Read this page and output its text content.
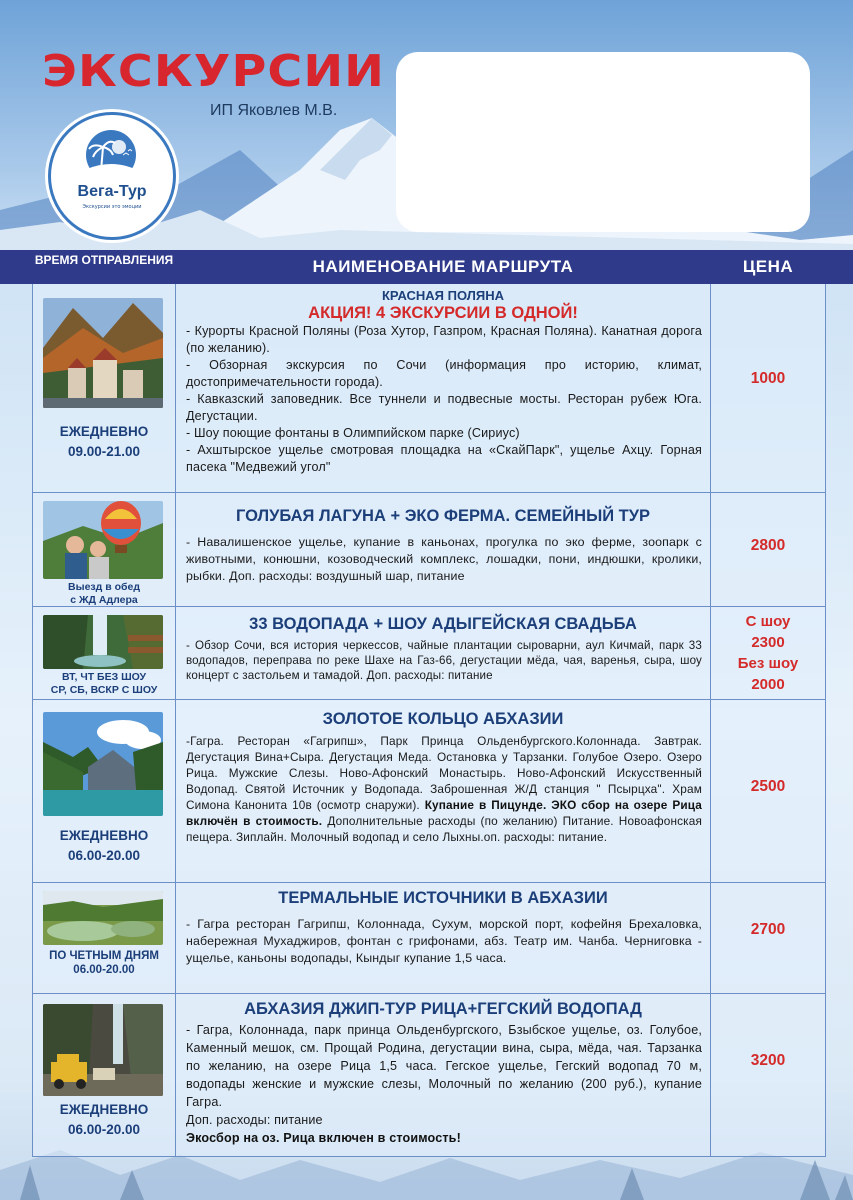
ЭКСКУРСИИ
ИП Яковлев М.В.
Вега-Тур
Экскурсии это эмоции
ВРЕМЯ ОТПРАВЛЕНИЯ	НАИМЕНОВАНИЕ МАРШРУТА	ЦЕНА
ЕЖЕДНЕВНО
09.00-21.00
КРАСНАЯ ПОЛЯНА
АКЦИЯ! 4 ЭКСКУРСИИ В ОДНОЙ!
- Курорты Красной Поляны (Роза Хутор, Газпром, Красная Поляна). Канатная дорога (по желанию).
- Обзорная экскурсия по Сочи (информация про историю, климат, достопримечательности города).
- Кавказский заповедник. Все туннели и подвесные мосты. Ресторан рубеж Юга. Дегустации.
- Шоу поющие фонтаны в Олимпийском парке (Сириус)
- Ахштырское ущелье смотровая площадка на «СкайПарк", ущелье Ахцу. Горная пасека "Медвежий угол"
1000
Выезд в обед
с ЖД Адлера
ГОЛУБАЯ ЛАГУНА + ЭКО ФЕРМА. СЕМЕЙНЫЙ ТУР
- Навалишенское ущелье, купание в каньонах, прогулка по эко ферме, зоопарк с животными, конюшни, козоводческий комплекс, лошадки, пони, индюшки, кролики, рыбки. Доп. расходы: воздушный шар, питание
2800
ВТ, ЧТ БЕЗ ШОУ
СР, СБ, ВСКР С ШОУ
33 ВОДОПАДА + ШОУ АДЫГЕЙСКАЯ СВАДЬБА
- Обзор Сочи, вся история черкессов, чайные плантации сыроварни, аул Кичмай, парк 33 водопадов, переправа по реке Шахе на Газ-66, дегустации мёда, чая, варенья, сыра, шоу концерт с застольем и тамадой. Доп. расходы: питание
С шоу
2300
Без шоу
2000
ЕЖЕДНЕВНО
06.00-20.00
ЗОЛОТОЕ КОЛЬЦО АБХАЗИИ
-Гагра. Ресторан «Гагрипш», Парк Принца Ольденбургского.Колоннада. Завтрак. Дегустация Вина+Сыра. Дегустация Меда. Остановка у Тарзанки. Голубое Озеро. Озеро Рица. Мужские Слезы. Ново-Афонский Монастырь. Ново-Афонский Искусственный Водопад. Святой Источник у Водопада. Заброшенная Ж/Д станция " Псырцха". Храм Симона Канонита 10в (осмотр снаружи). Купание в Пицунде. ЭКО сбор на озере Рица включён в стоимость. Дополнительные расходы (по желанию) Питание. Новоафонская пещера. Зиплайн. Молочный водопад и село Лыхны.оп. расходы: питание.
2500
ПО ЧЕТНЫМ ДНЯМ
06.00-20.00
ТЕРМАЛЬНЫЕ ИСТОЧНИКИ В АБХАЗИИ
- Гагра ресторан Гагрипш, Колоннада, Сухум, морской порт, кофейня Брехаловка, набережная Мухаджиров, фонтан с грифонами, абз. Театр им. Чанба. Черниговка - ущелье, каньоны водопады, Кындыг купание 1,5 часа.
2700
ЕЖЕДНЕВНО
06.00-20.00
АБХАЗИЯ ДЖИП-ТУР РИЦА+ГЕГСКИЙ ВОДОПАД
- Гагра, Колоннада, парк принца Ольденбургского, Бзыбское ущелье, оз. Голубое, Каменный мешок, см. Прощай Родина, дегустации вина, сыра, мёда, чая. Тарзанка по желанию, на озере Рица 1,5 часа. Гегское ущелье, Гегский водопад 70 м, водопады женские и мужские слезы, Молочный по желанию (200 руб.), купание Гагра.
Доп. расходы: питание
Экосбор на оз. Рица включен в стоимость!
3200
